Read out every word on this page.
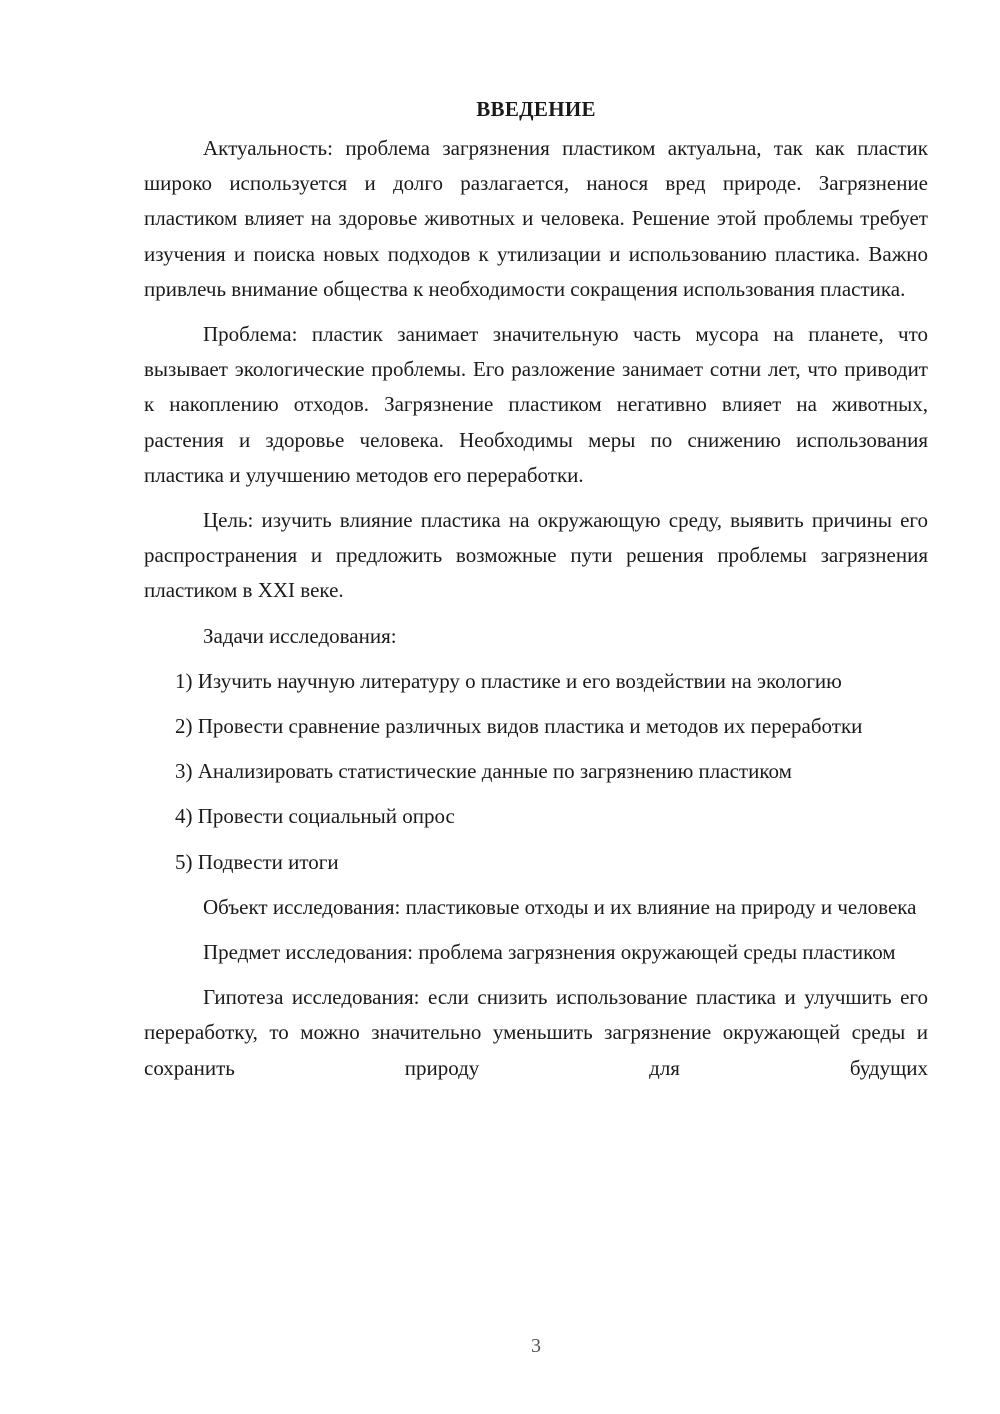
ВВЕДЕНИЕ

Актуальность: проблема загрязнения пластиком актуальна, так как пластик широко используется и долго разлагается, нанося вред природе. Загрязнение пластиком влияет на здоровье животных и человека. Решение этой проблемы требует изучения и поиска новых подходов к утилизации и использованию пластика. Важно привлечь внимание общества к необходимости сокращения использования пластика.

Проблема: пластик занимает значительную часть мусора на планете, что вызывает экологические проблемы. Его разложение занимает сотни лет, что приводит к накоплению отходов. Загрязнение пластиком негативно влияет на животных, растения и здоровье человека. Необходимы меры по снижению использования пластика и улучшению методов его переработки.

Цель: изучить влияние пластика на окружающую среду, выявить причины его распространения и предложить возможные пути решения проблемы загрязнения пластиком в XXI веке.

Задачи исследования:

1) Изучить научную литературу о пластике и его воздействии на экологию

2) Провести сравнение различных видов пластика и методов их переработки

3) Анализировать статистические данные по загрязнению пластиком

4) Провести социальный опрос

5) Подвести итоги

Объект исследования: пластиковые отходы и их влияние на природу и человека

Предмет исследования: проблема загрязнения окружающей среды пластиком

Гипотеза исследования: если снизить использование пластика и улучшить его переработку, то можно значительно уменьшить загрязнение окружающей среды и сохранить природу для будущих

3
